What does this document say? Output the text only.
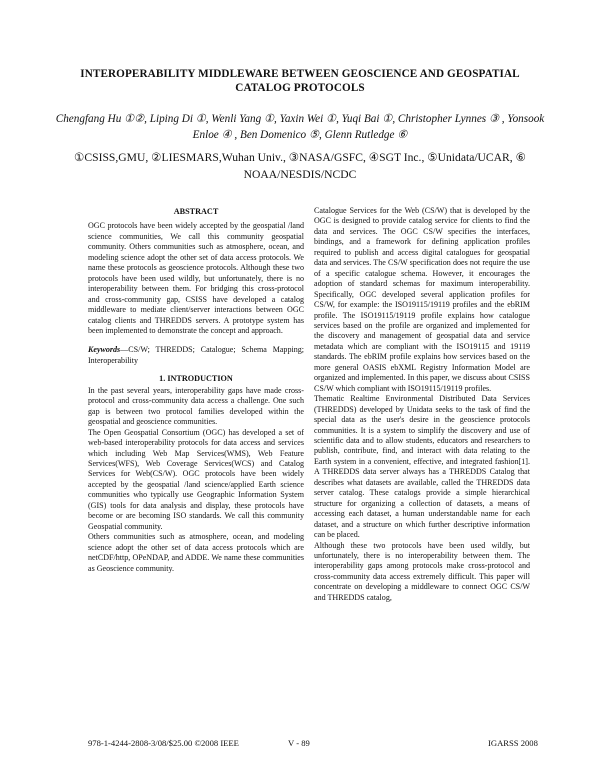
INTEROPERABILITY MIDDLEWARE BETWEEN GEOSCIENCE AND GEOSPATIAL CATALOG PROTOCOLS
Chengfang Hu ①②, Liping Di ①, Wenli Yang ①, Yaxin Wei ①, Yuqi Bai ①, Christopher Lynnes ③ , Yonsook Enloe ④ , Ben Domenico ⑤, Glenn Rutledge ⑥
①CSISS,GMU, ②LIESMARS,Wuhan Univ., ③NASA/GSFC, ④SGT Inc., ⑤Unidata/UCAR, ⑥ NOAA/NESDIS/NCDC

ABSTRACT

OGC protocols have been widely accepted by the geospatial /land science communities, We call this community geospatial community. Others communities such as atmosphere, ocean, and modeling science adopt the other set of data access protocols. We name these protocols as geoscience protocols. Although these two protocols have been used wildly, but unfortunately, there is no interoperability between them. For bridging this cross-protocol and cross-community gap, CSISS have developed a catalog middleware to mediate client/server interactions between OGC catalog clients and THREDDS servers. A prototype system has been implemented to demonstrate the concept and approach.

Keywords—CS/W; THREDDS; Catalogue; Schema Mapping; Interoperability

1. INTRODUCTION

In the past several years, interoperability gaps have made cross-protocol and cross-community data access a challenge. One such gap is between two protocol families developed within the geospatial and geoscience communities.

The Open Geospatial Consortium (OGC) has developed a set of web-based interoperability protocols for data access and services which including Web Map Services(WMS), Web Feature Services(WFS), Web Coverage Services(WCS) and Catalog Services for Web(CS/W). OGC protocols have been widely accepted by the geospatial /land science/applied Earth science communities who typically use Geographic Information System (GIS) tools for data analysis and display, these protocols have become or are becoming ISO standards. We call this community Geospatial community.

Others communities such as atmosphere, ocean, and modeling science adopt the other set of data access protocols which are netCDF/http, OPeNDAP, and ADDE. We name these communities as Geoscience community.

Catalogue Services for the Web (CS/W) that is developed by the OGC is designed to provide catalog service for clients to find the data and services. The OGC CS/W specifies the interfaces, bindings, and a framework for defining application profiles required to publish and access digital catalogues for geospatial data and services. The CS/W specification does not require the use of a specific catalogue schema. However, it encourages the adoption of standard schemas for maximum interoperability. Specifically, OGC developed several application profiles for CS/W, for example: the ISO19115/19119 profiles and the ebRIM profile. The ISO19115/19119 profile explains how catalogue services based on the profile are organized and implemented for the discovery and management of geospatial data and service metadata which are compliant with the ISO19115 and 19119 standards. The ebRIM profile explains how services based on the more general OASIS ebXML Registry Information Model are organized and implemented. In this paper, we discuss about CSISS CS/W which compliant with ISO19115/19119 profiles.

Thematic Realtime Environmental Distributed Data Services (THREDDS) developed by Unidata seeks to the task of find the special data as the user's desire in the geoscience protocols communities. It is a system to simplify the discovery and use of scientific data and to allow students, educators and researchers to publish, contribute, find, and interact with data relating to the Earth system in a convenient, effective, and integrated fashion[1]. A THREDDS data server always has a THREDDS Catalog that describes what datasets are available, called the THREDDS data server catalog. These catalogs provide a simple hierarchical structure for organizing a collection of datasets, a means of accessing each dataset, a human understandable name for each dataset, and a structure on which further descriptive information can be placed.

Although these two protocols have been used wildly, but unfortunately, there is no interoperability between them. The interoperability gaps among protocols make cross-protocol and cross-community data access extremely difficult. This paper will concentrate on developing a middleware to connect OGC CS/W and THREDDS catalog,

978-1-4244-2808-3/08/$25.00 ©2008 IEEE	V - 89	IGARSS 2008
